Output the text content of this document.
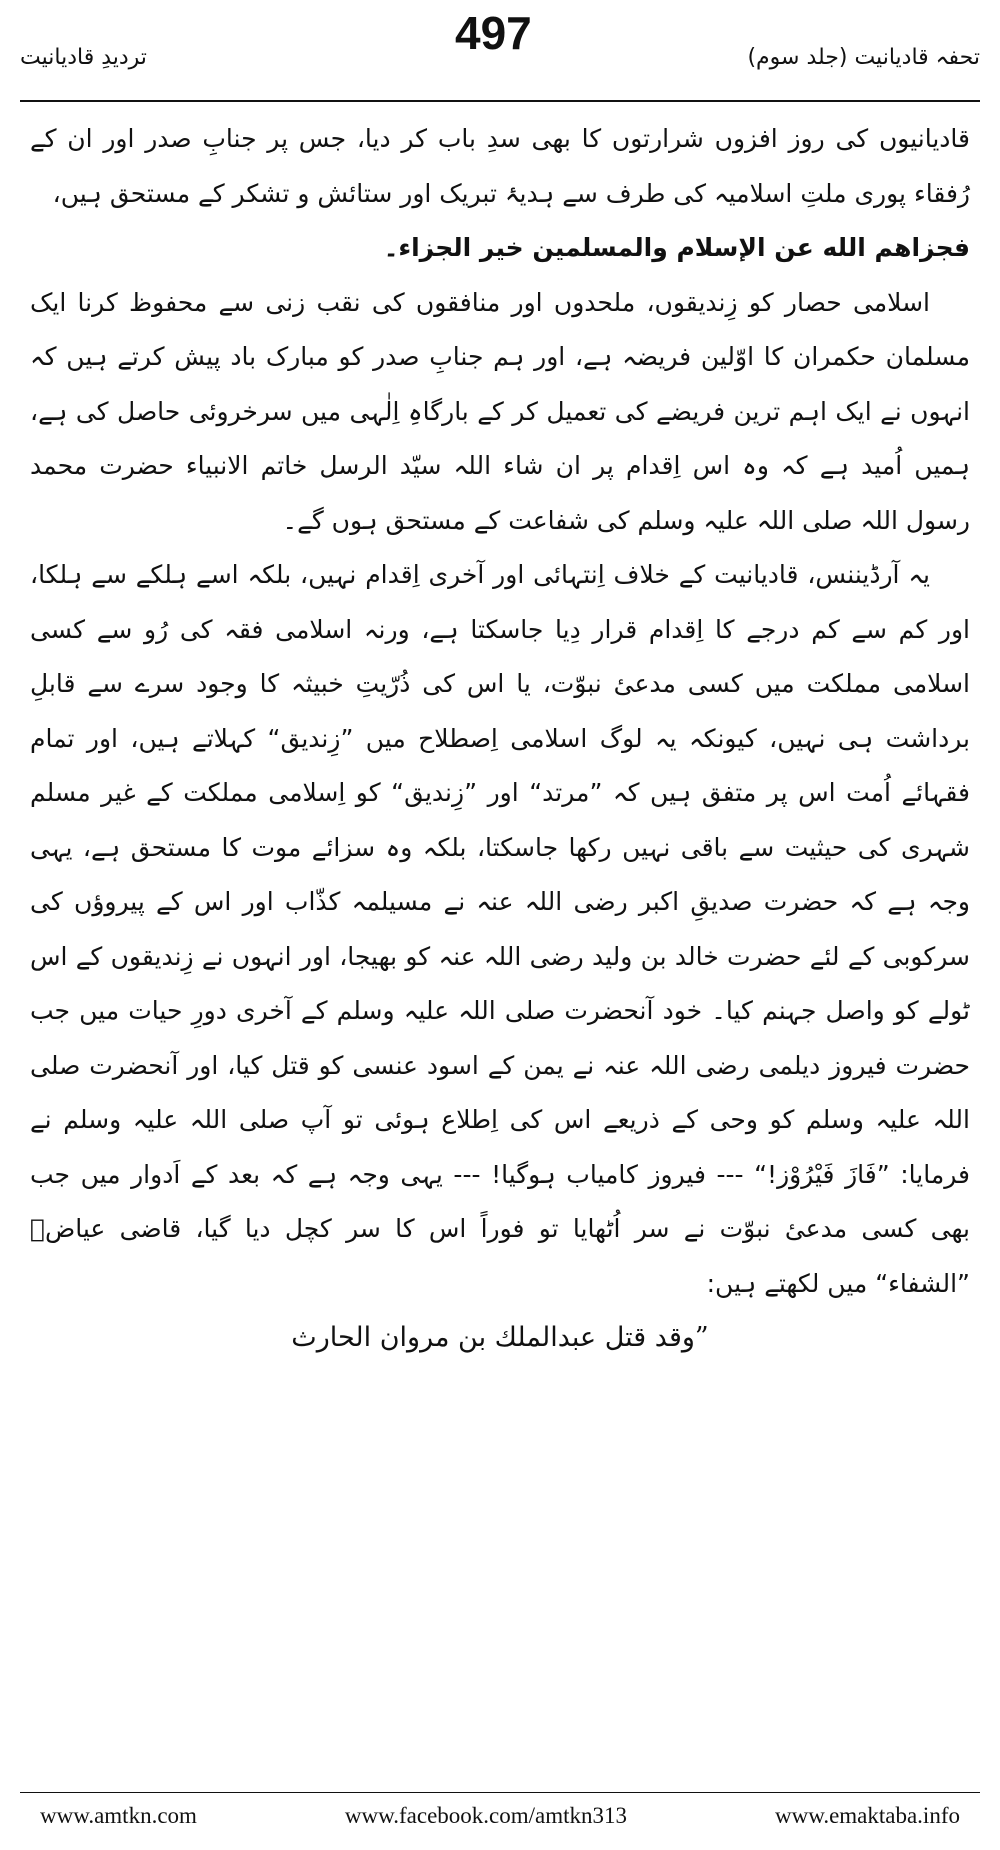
تردیدِ قادیانیت	تحفہ قادیانیت (جلد سوم)
497

قادیانیوں کی روز افزوں شرارتوں کا بھی سدِ باب کر دیا، جس پر جنابِ صدر اور ان کے رُفقاء پوری ملتِ اسلامیہ کی طرف سے ہدیۂ تبریک اور ستائش و تشکر کے مستحق ہیں،

فجزاهم الله عن الإسلام والمسلمين خير الجزاء۔

اسلامی حصار کو زِندیقوں، ملحدوں اور منافقوں کی نقب زنی سے محفوظ کرنا ایک مسلمان حکمران کا اوّلین فریضہ ہے، اور ہم جنابِ صدر کو مبارک باد پیش کرتے ہیں کہ انہوں نے ایک اہم ترین فریضے کی تعمیل کر کے بارگاہِ اِلٰہی میں سرخروئی حاصل کی ہے، ہمیں اُمید ہے کہ وہ اس اِقدام پر ان شاء اللہ سیّد الرسل خاتم الانبیاء حضرت محمد رسول اللہ صلی اللہ علیہ وسلم کی شفاعت کے مستحق ہوں گے۔

یہ آرڈیننس، قادیانیت کے خلاف اِنتہائی اور آخری اِقدام نہیں، بلکہ اسے ہلکے سے ہلکا، اور کم سے کم درجے کا اِقدام قرار دِیا جاسکتا ہے، ورنہ اسلامی فقہ کی رُو سے کسی اسلامی مملکت میں کسی مدعیٔ نبوّت، یا اس کی ذُرّیتِ خبیثہ کا وجود سرے سے قابلِ برداشت ہی نہیں، کیونکہ یہ لوگ اسلامی اِصطلاح میں ”زِندیق“ کہلاتے ہیں، اور تمام فقہائے اُمت اس پر متفق ہیں کہ ”مرتد“ اور ”زِندیق“ کو اِسلامی مملکت کے غیر مسلم شہری کی حیثیت سے باقی نہیں رکھا جاسکتا، بلکہ وہ سزائے موت کا مستحق ہے، یہی وجہ ہے کہ حضرت صدیقِ اکبر رضی اللہ عنہ نے مسیلمہ کذّاب اور اس کے پیروؤں کی سرکوبی کے لئے حضرت خالد بن ولید رضی اللہ عنہ کو بھیجا، اور انہوں نے زِندیقوں کے اس ٹولے کو واصل جہنم کیا۔ خود آنحضرت صلی اللہ علیہ وسلم کے آخری دورِ حیات میں جب حضرت فیروز دیلمی رضی اللہ عنہ نے یمن کے اسود عنسی کو قتل کیا، اور آنحضرت صلی اللہ علیہ وسلم کو وحی کے ذریعے اس کی اِطلاع ہوئی تو آپ صلی اللہ علیہ وسلم نے فرمایا: ”فَازَ فَیْرُوْز!“ --- فیروز کامیاب ہوگیا! --- یہی وجہ ہے کہ بعد کے اَدوار میں جب بھی کسی مدعیٔ نبوّت نے سر اُٹھایا تو فوراً اس کا سر کچل دیا گیا، قاضی عیاضؒ ”الشفاء“ میں لکھتے ہیں:

”وقد قتل عبدالملك بن مروان الحارث

www.amtkn.com	www.facebook.com/amtkn313	www.emaktaba.info
